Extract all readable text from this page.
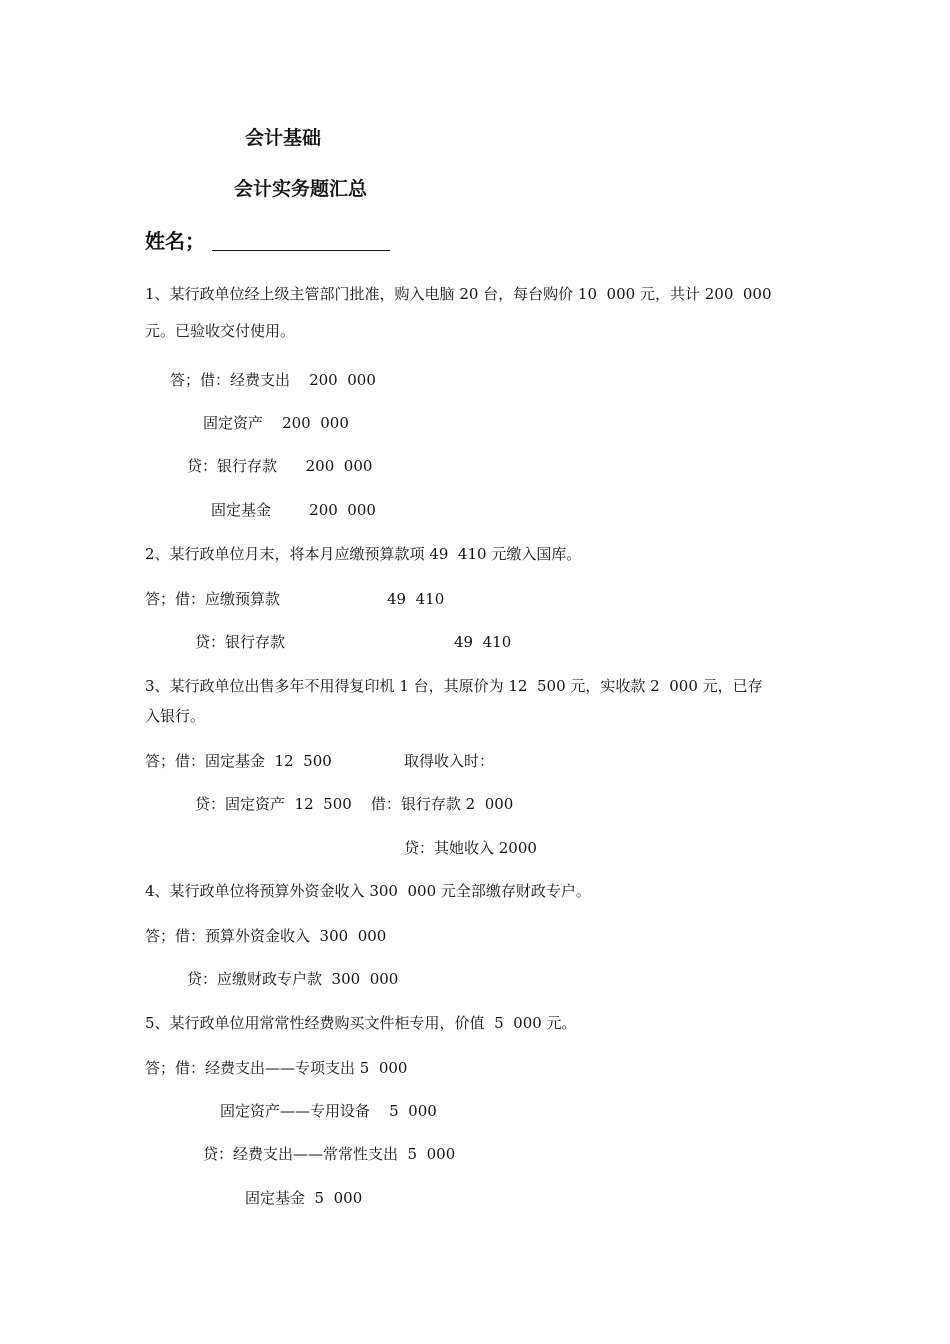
会计基础
会计实务题汇总
姓名；
1、某行政单位经上级主管部门批准，购入电脑 20 台，每台购价 10  000 元，共计 200  000
元。已验收交付使用。
答；借：经费支出    200  000
固定资产    200  000
贷：银行存款      200  000
固定基金        200  000
2、某行政单位月末，将本月应缴预算款项 49  410 元缴入国库。
答；借：应缴预算款	49  410
贷：银行存款	49  410
3、某行政单位出售多年不用得复印机 1 台，其原价为 12  500 元，实收款 2  000 元，已存
入银行。
答；借：固定基金  12  500	取得收入时：
贷：固定资产  12  500    借：银行存款 2  000
贷：其她收入 2000
4、某行政单位将预算外资金收入 300  000 元全部缴存财政专户。
答；借：预算外资金收入  300  000
贷：应缴财政专户款  300  000
5、某行政单位用常常性经费购买文件柜专用，价值  5  000 元。
答；借：经费支出——专项支出 5  000
固定资产——专用设备    5  000
贷：经费支出——常常性支出  5  000
固定基金  5  000
